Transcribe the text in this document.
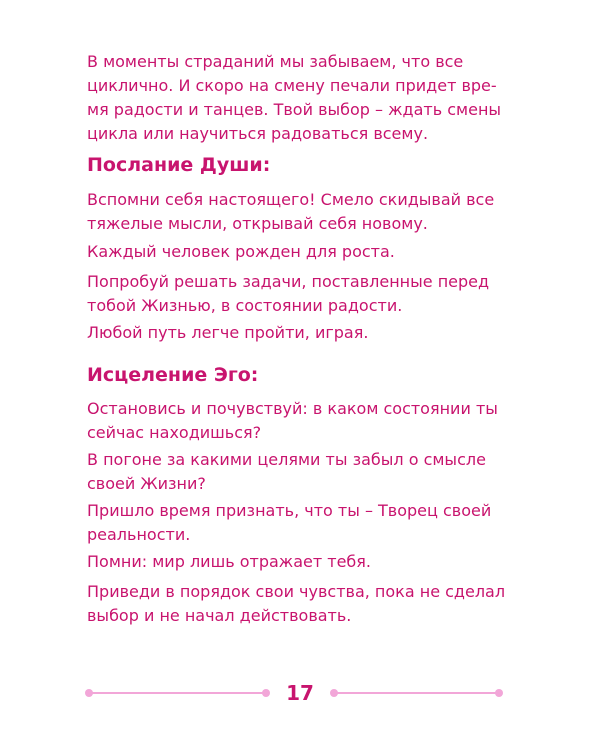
В моменты страданий мы забываем, что все
циклично. И скоро на смену печали придет вре-
мя радости и танцев. Твой выбор – ждать смены
цикла или научиться радоваться всему.

Послание Души:

Вспомни себя настоящего! Смело скидывай все
тяжелые мысли, открывай себя новому.

Каждый человек рожден для роста.

Попробуй решать задачи, поставленные перед
тобой Жизнью, в состоянии радости.

Любой путь легче пройти, играя.

Исцеление Эго:

Остановись и почувствуй: в каком состоянии ты
сейчас находишься?

В погоне за какими целями ты забыл о смысле
своей Жизни?

Пришло время признать, что ты – Творец своей
реальности.

Помни: мир лишь отражает тебя.

Приведи в порядок свои чувства, пока не сделал
выбор и не начал действовать.

17
